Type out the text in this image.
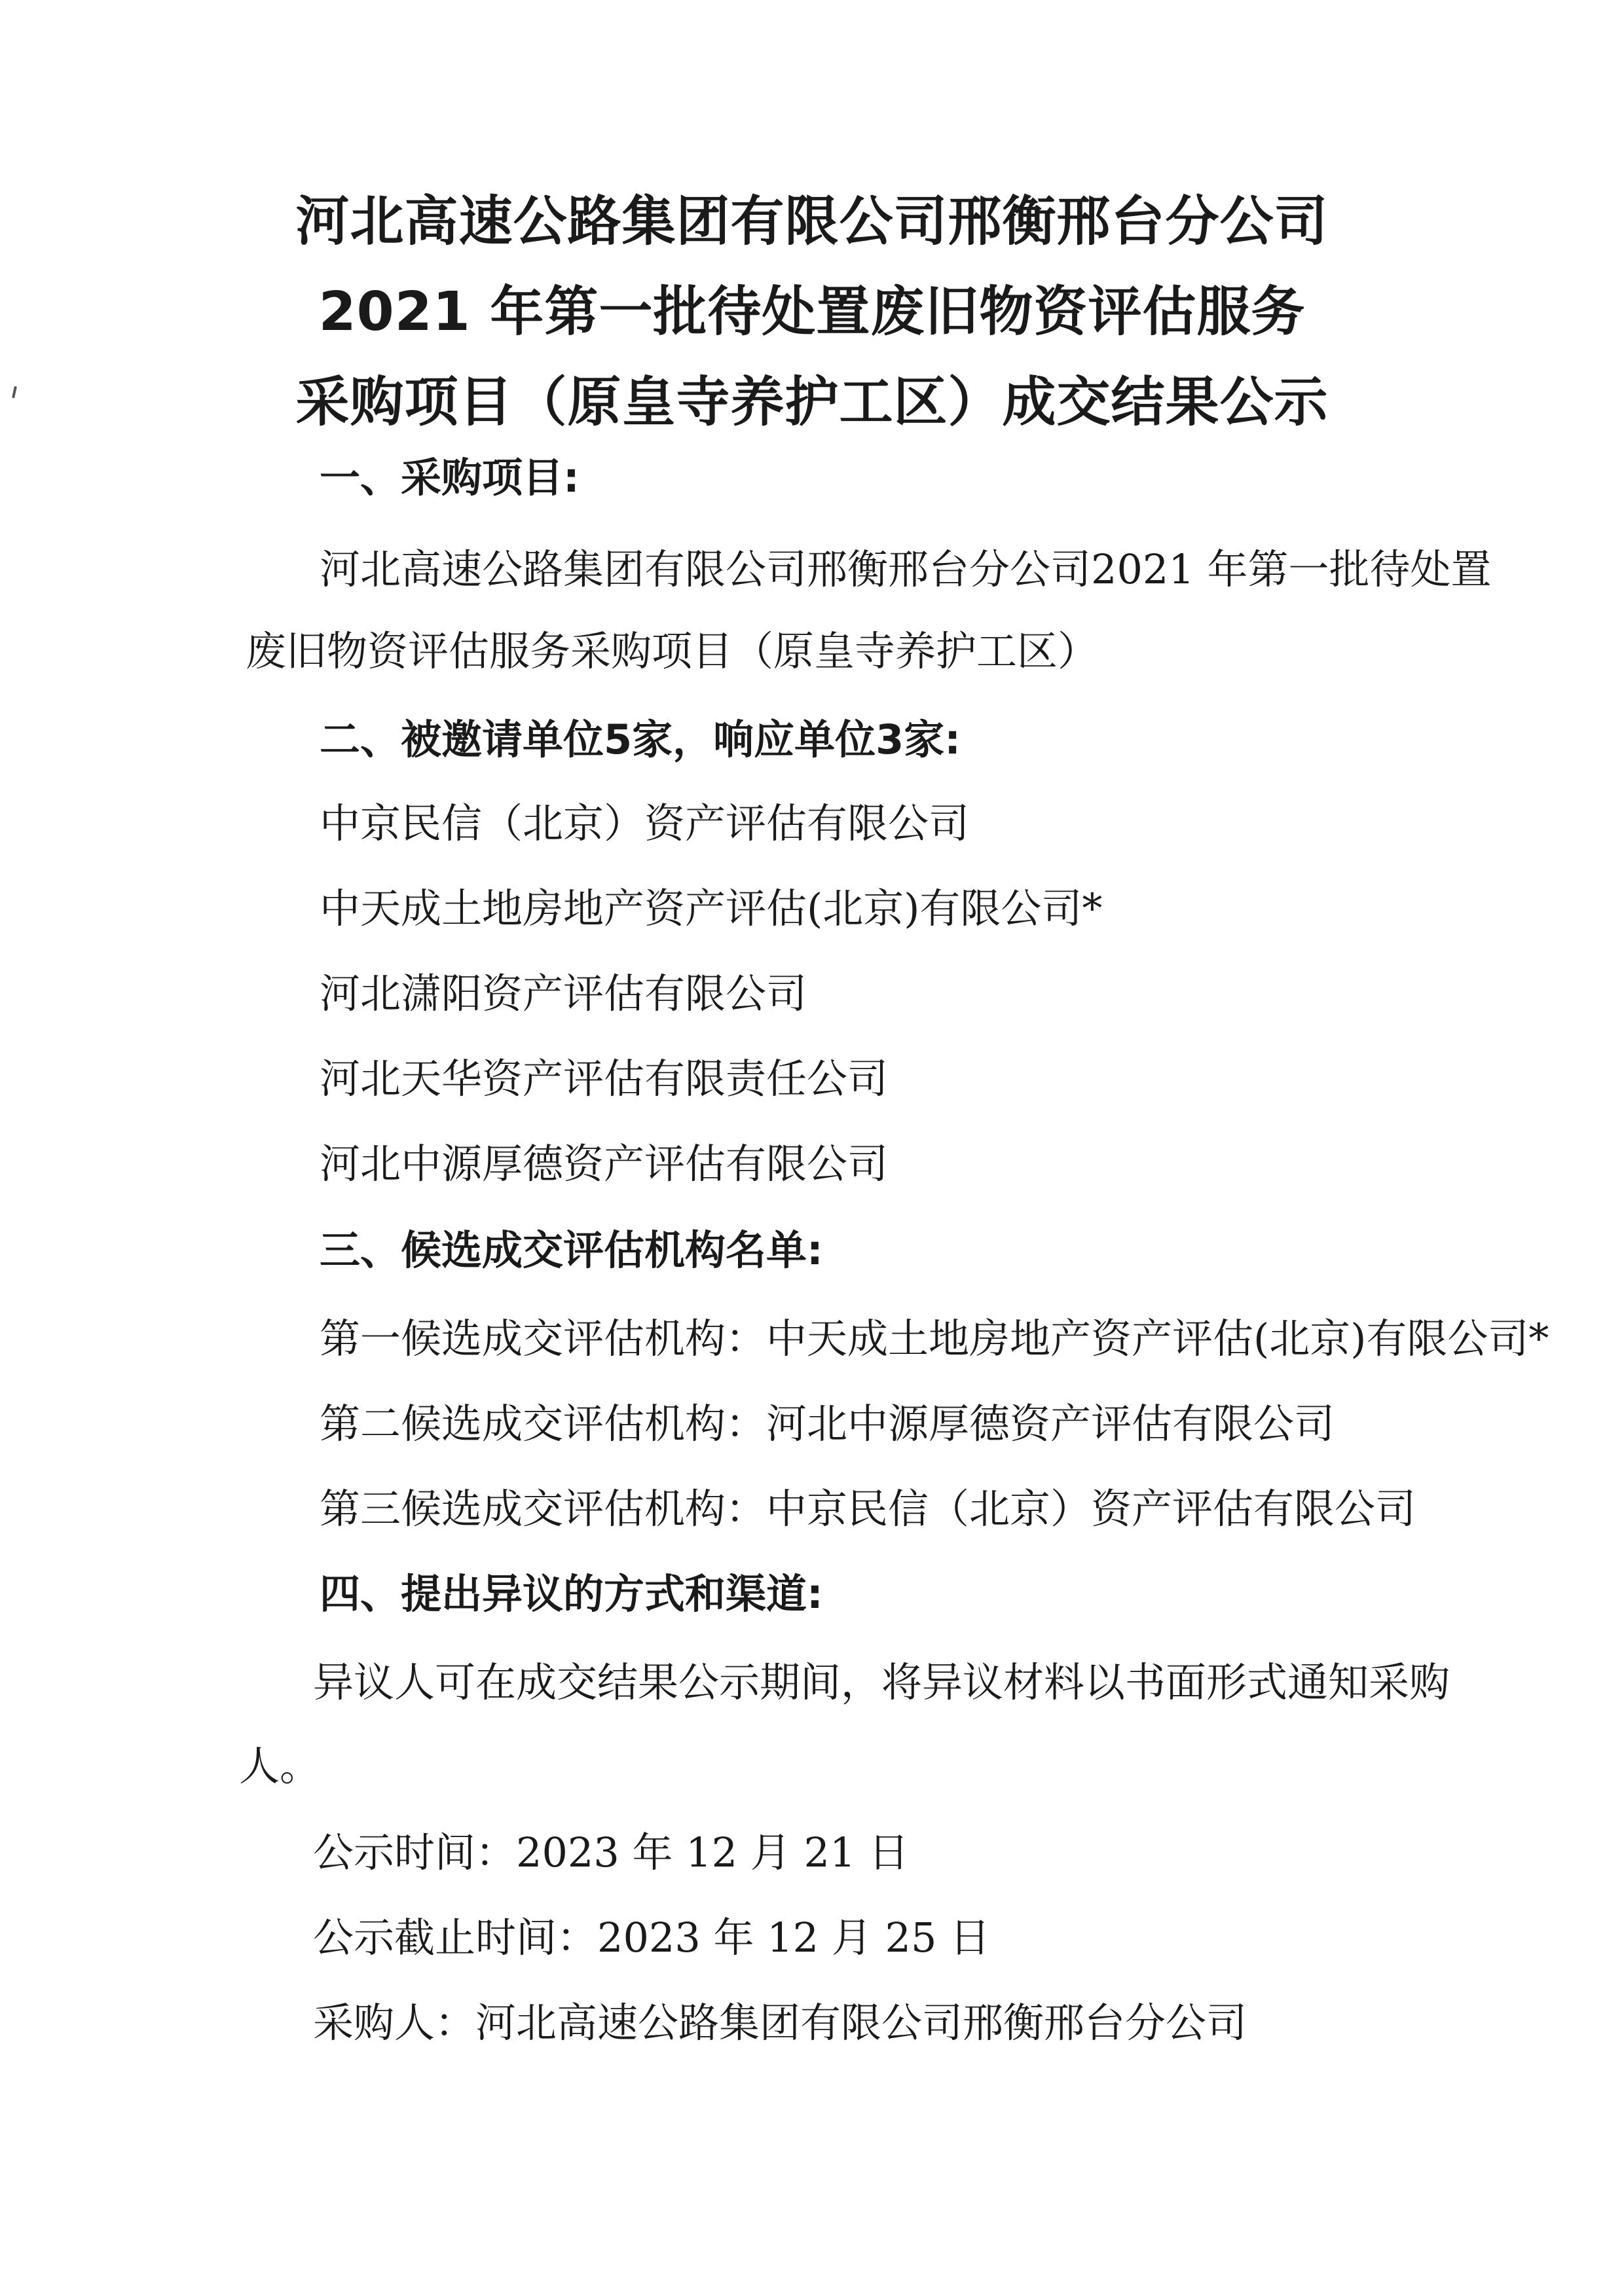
河北高速公路集团有限公司邢衡邢台分公司
2021 年第一批待处置废旧物资评估服务
采购项目（原皇寺养护工区）成交结果公示
一、采购项目:
河北高速公路集团有限公司邢衡邢台分公司2021 年第一批待处置
废旧物资评估服务采购项目（原皇寺养护工区）
二、被邀请单位5家，响应单位3家:
中京民信（北京）资产评估有限公司
中天成土地房地产资产评估(北京)有限公司*
河北潇阳资产评估有限公司
河北天华资产评估有限责任公司
河北中源厚德资产评估有限公司
三、候选成交评估机构名单:
第一候选成交评估机构：中天成土地房地产资产评估(北京)有限公司*
第二候选成交评估机构：河北中源厚德资产评估有限公司
第三候选成交评估机构：中京民信（北京）资产评估有限公司
四、提出异议的方式和渠道:
异议人可在成交结果公示期间，将异议材料以书面形式通知采购
人。
公示时间：2023 年 12 月 21 日
公示截止时间：2023 年 12 月 25 日
采购人：河北高速公路集团有限公司邢衡邢台分公司
